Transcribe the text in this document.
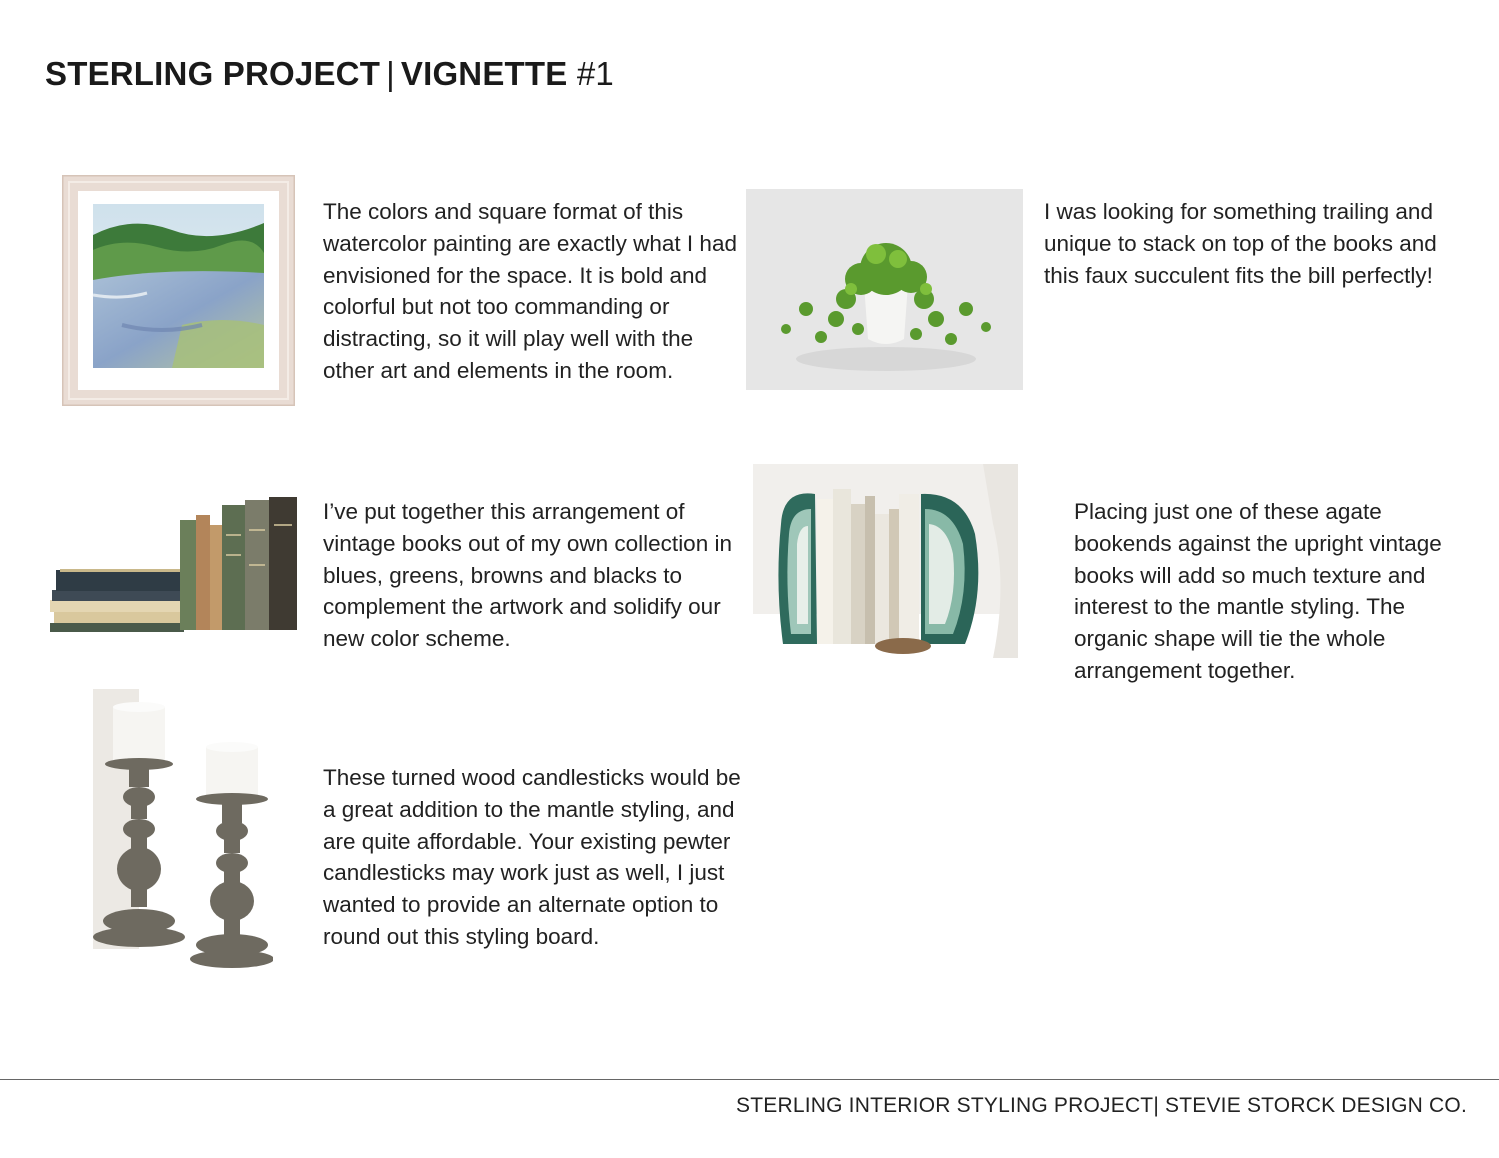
STERLING PROJECT | VIGNETTE #1
The colors and square format of this watercolor painting are exactly what I had envisioned for the space. It is bold and colorful but not too commanding or distracting, so it will play well with the other art and elements in the room.
I was looking for something trailing and unique to stack on top of the books and this faux succulent fits the bill perfectly!
I’ve put together this arrangement of vintage books out of my own collection in blues, greens, browns and blacks to complement the artwork and solidify our new color scheme.
Placing just one of these agate bookends against the upright vintage books will add so much texture and interest to the mantle styling. The organic shape will tie the whole arrangement together.
These turned wood candlesticks would be a great addition to the mantle styling, and are quite affordable. Your existing pewter candlesticks may work just as well, I just wanted to provide an alternate option to round out this styling board.
STERLING INTERIOR STYLING PROJECT| STEVIE STORCK DESIGN CO.
